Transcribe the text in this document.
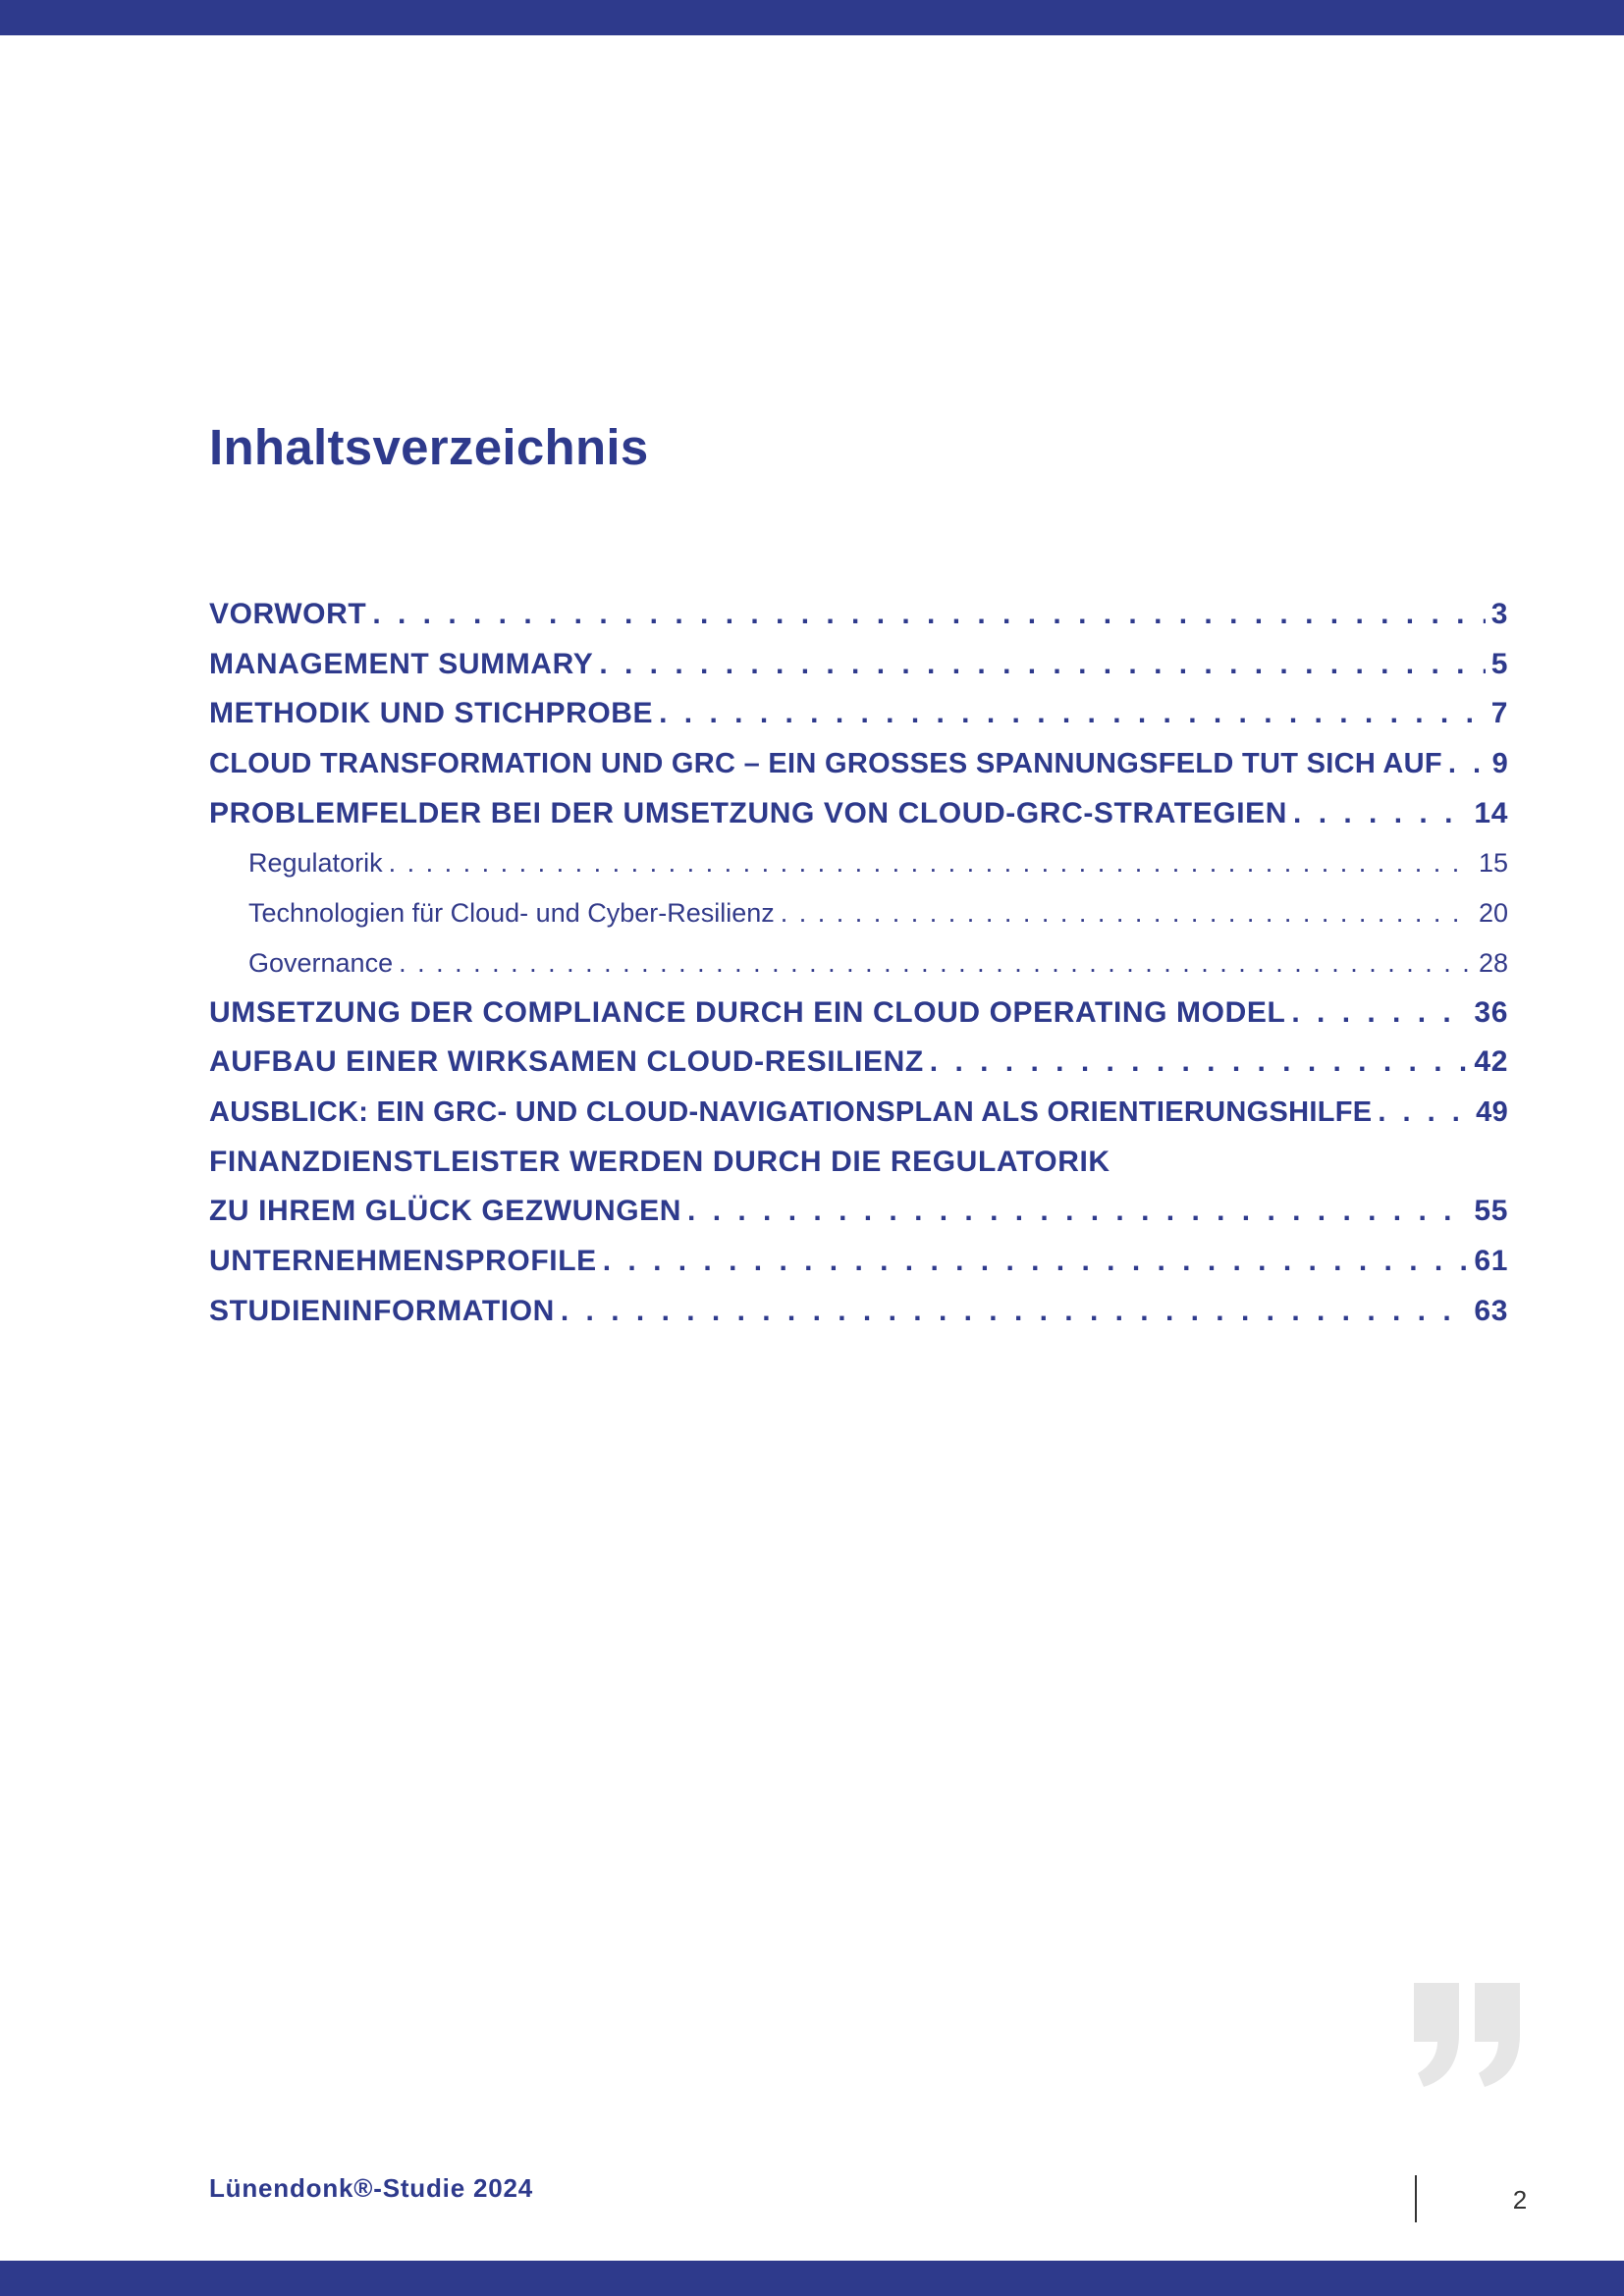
Inhaltsverzeichnis
VORWORT . . .	3
MANAGEMENT SUMMARY . . .	5
METHODIK UND STICHPROBE . . .	7
CLOUD TRANSFORMATION UND GRC – EIN GROSSES SPANNUNGSFELD TUT SICH AUF . . . 9
PROBLEMFELDER BEI DER UMSETZUNG VON CLOUD-GRC-STRATEGIEN . . .	14
Regulatorik . . .	15
Technologien für Cloud- und Cyber-Resilienz . . .	20
Governance . . .	28
UMSETZUNG DER COMPLIANCE DURCH EIN CLOUD OPERATING MODEL . . .	36
AUFBAU EINER WIRKSAMEN CLOUD-RESILIENZ . . .	42
AUSBLICK: EIN GRC- UND CLOUD-NAVIGATIONSPLAN ALS ORIENTIERUNGSHILFE . . .	49
FINANZDIENSTLEISTER WERDEN DURCH DIE REGULATORIK
ZU IHREM GLÜCK GEZWUNGEN . . .	55
UNTERNEHMENSPROFILE . . .	61
STUDIENINFORMATION . . .	63
Lünendonk®-Studie 2024	2
